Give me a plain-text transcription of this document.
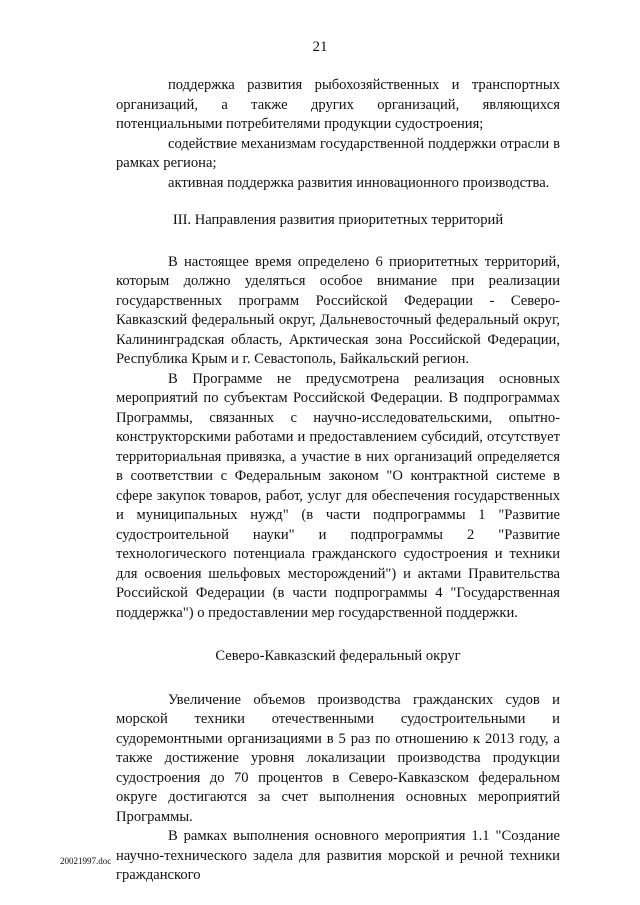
21

поддержка развития рыбохозяйственных и транспортных организаций, а также других организаций, являющихся потенциальными потребителями продукции судостроения;

содействие механизмам государственной поддержки отрасли в рамках региона;

активная поддержка развития инновационного производства.

III. Направления развития приоритетных территорий

В настоящее время определено 6 приоритетных территорий, которым должно уделяться особое внимание при реализации государственных программ Российской Федерации - Северо-Кавказский федеральный округ, Дальневосточный федеральный округ, Калининградская область, Арктическая зона Российской Федерации, Республика Крым и г. Севастополь, Байкальский регион.

В Программе не предусмотрена реализация основных мероприятий по субъектам Российской Федерации. В подпрограммах Программы, связанных с научно-исследовательскими, опытно-конструкторскими работами и предоставлением субсидий, отсутствует территориальная привязка, а участие в них организаций определяется в соответствии с Федеральным законом "О контрактной системе в сфере закупок товаров, работ, услуг для обеспечения государственных и муниципальных нужд" (в части подпрограммы 1 "Развитие судостроительной науки" и подпрограммы 2 "Развитие технологического потенциала гражданского судостроения и техники для освоения шельфовых месторождений") и актами Правительства Российской Федерации (в части подпрограммы 4 "Государственная поддержка") о предоставлении мер государственной поддержки.

Северо-Кавказский федеральный округ

Увеличение объемов производства гражданских судов и морской техники отечественными судостроительными и судоремонтными организациями в 5 раз по отношению к 2013 году, а также достижение уровня локализации производства продукции судостроения до 70 процентов в Северо-Кавказском федеральном округе достигаются за счет выполнения основных мероприятий Программы.

В рамках выполнения основного мероприятия 1.1 "Создание научно-технического задела для развития морской и речной техники гражданского

20021997.doc
